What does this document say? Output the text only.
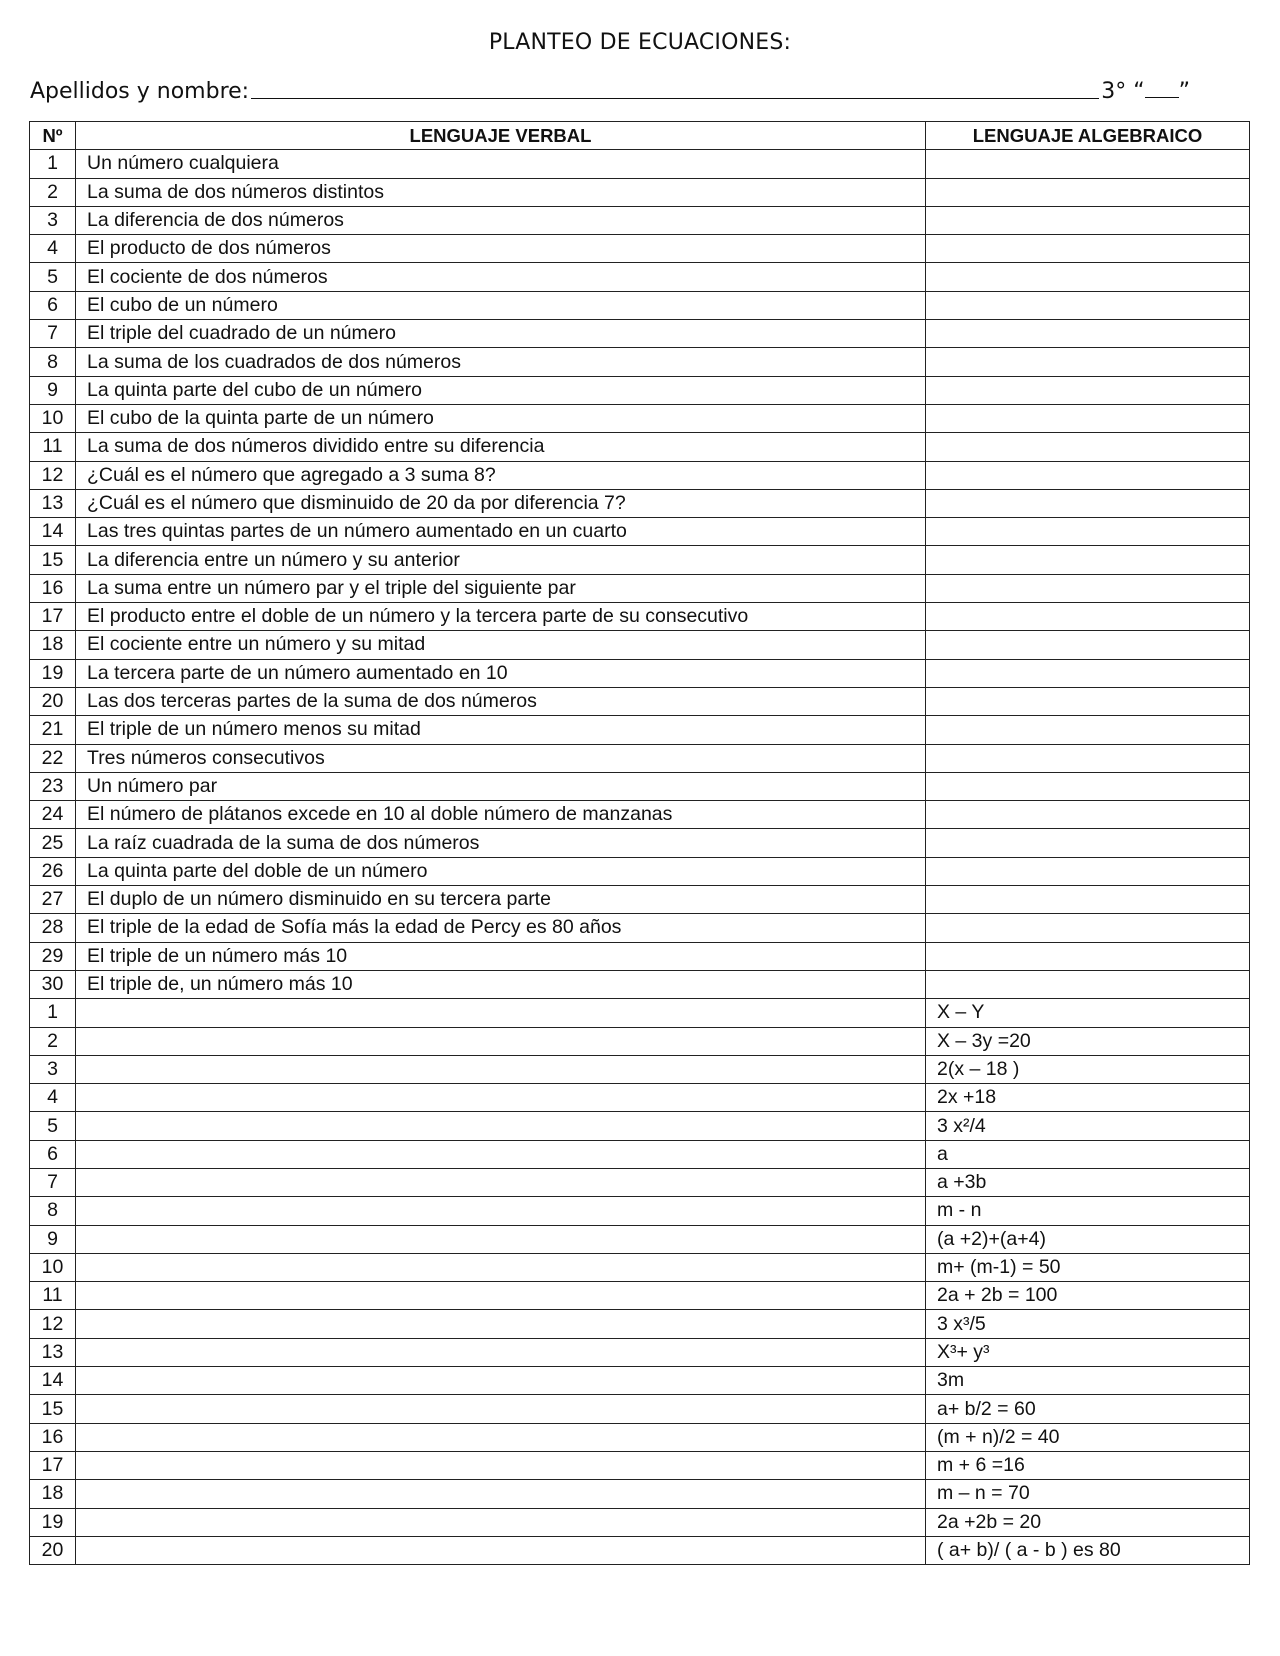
PLANTEO DE ECUACIONES:
Apellidos y nombre:	3° “ ”
Nº	LENGUAJE VERBAL	LENGUAJE ALGEBRAICO
1	Un número cualquiera	
2	La suma de dos números distintos	
3	La diferencia de dos números	
4	El producto de dos números	
5	El cociente de dos números	
6	El cubo de un número	
7	El triple del cuadrado de un número	
8	La suma de los cuadrados de dos números	
9	La quinta parte del cubo de un número	
10	El cubo de la quinta parte de un número	
11	La suma de dos números dividido entre su diferencia	
12	¿Cuál es el número que agregado a 3 suma 8?	
13	¿Cuál es el número que disminuido de 20 da por diferencia 7?	
14	Las tres quintas partes de un número aumentado en un cuarto	
15	La diferencia entre un número y su anterior	
16	La suma entre un número par y el triple del siguiente par	
17	El producto entre el doble de un número y la tercera parte de su consecutivo	
18	El cociente entre un número y su mitad	
19	La tercera parte de un número aumentado en 10	
20	Las dos terceras partes de la suma de dos números	
21	El triple de un número menos su mitad	
22	Tres números consecutivos	
23	Un número par	
24	El número de plátanos excede en 10 al doble número de manzanas	
25	La raíz cuadrada de la suma de dos números	
26	La quinta parte del doble de un número	
27	El duplo de un número disminuido en su tercera parte	
28	El triple de la edad de Sofía más la edad de Percy es 80 años	
29	El triple de un número más 10	
30	El triple de, un número más 10	
1		X – Y
2		X – 3y =20
3		2(x – 18 )
4		2x +18
5		3 x²/4
6		a
7		a +3b
8		m - n
9		(a +2)+(a+4)
10		m+ (m-1) = 50
11		2a + 2b = 100
12		3 x³/5
13		X³+ y³
14		3m
15		a+ b/2 = 60
16		(m + n)/2 = 40
17		m + 6 =16
18		m – n = 70
19		2a +2b = 20
20		( a+ b)/ ( a - b ) es 80
